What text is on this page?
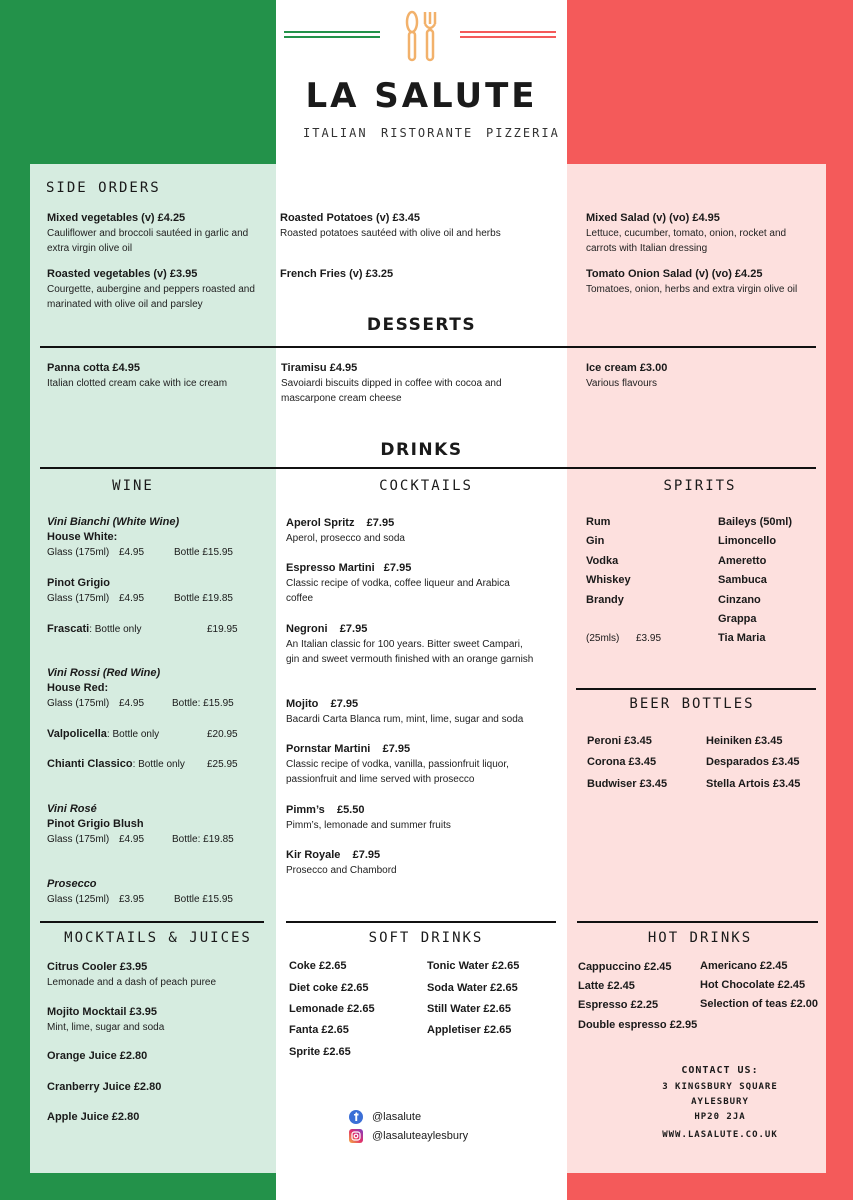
LA SALUTE
ITALIAN RISTORANTE PIZZERIA
SIDE ORDERS
Mixed vegetables (v) £4.25
Cauliflower and broccoli sautéed in garlic and extra virgin olive oil
Roasted vegetables (v) £3.95
Courgette, aubergine and peppers roasted and marinated with olive oil and parsley
Roasted Potatoes (v) £3.45
Roasted potatoes sautéed with olive oil and herbs
French Fries (v) £3.25
Mixed Salad (v) (vo) £4.95
Lettuce, cucumber, tomato, onion, rocket and carrots with Italian dressing
Tomato Onion Salad (v) (vo) £4.25
Tomatoes, onion, herbs and extra virgin olive oil
DESSERTS
Panna cotta £4.95
Italian clotted cream cake with ice cream
Tiramisu £4.95
Savoiardi biscuits dipped in coffee with cocoa and mascarpone cream cheese
Ice cream £3.00
Various flavours
DRINKS
WINE	COCKTAILS	SPIRITS
Vini Bianchi (White Wine)
House White:
Glass (175ml) £4.95	Bottle £15.95
Pinot Grigio
Glass (175ml) £4.95	Bottle £19.85
Frascati: Bottle only	£19.95
Vini Rossi (Red Wine)
House Red:
Glass (175ml) £4.95	Bottle: £15.95
Valpolicella: Bottle only	£20.95
Chianti Classico: Bottle only £25.95
Vini Rosé
Pinot Grigio Blush
Glass (175ml) £4.95	Bottle: £19.85
Prosecco
Glass (125ml) £3.95	Bottle £15.95
Aperol Spritz    £7.95
Aperol, prosecco and soda
Espresso Martini   £7.95
Classic recipe of vodka, coffee liqueur and Arabica coffee
Negroni    £7.95
An Italian classic for 100 years. Bitter sweet Campari, gin and sweet vermouth finished with an orange garnish
Mojito    £7.95
Bacardi Carta Blanca rum, mint, lime, sugar and soda
Pornstar Martini    £7.95
Classic recipe of vodka, vanilla, passionfruit liquor, passionfruit and lime served with prosecco
Pimm’s    £5.50
Pimm’s, lemonade and summer fruits
Kir Royale    £7.95
Prosecco and Chambord
Rum
Gin
Vodka
Whiskey
Brandy
(25mls) £3.95
Baileys (50ml)
Limoncello
Ameretto
Sambuca
Cinzano
Grappa
Tia Maria
BEER BOTTLES
Peroni £3.45
Corona £3.45
Budwiser £3.45
Heiniken £3.45
Desparados £3.45
Stella Artois £3.45
MOCKTAILS & JUICES
Citrus Cooler £3.95
Lemonade and a dash of peach puree
Mojito Mocktail £3.95
Mint, lime, sugar and soda
Orange Juice £2.80
Cranberry Juice £2.80
Apple Juice £2.80
SOFT DRINKS
Coke £2.65
Diet coke £2.65
Lemonade £2.65
Fanta £2.65
Sprite £2.65
Tonic Water £2.65
Soda Water £2.65
Still Water £2.65
Appletiser £2.65
HOT DRINKS
Cappuccino £2.45
Latte £2.45
Espresso £2.25
Double espresso £2.95
Americano £2.45
Hot Chocolate £2.45
Selection of teas £2.00
CONTACT US:
3 KINGSBURY SQUARE
AYLESBURY
HP20 2JA
WWW.LASALUTE.CO.UK
@lasalute
@lasaluteaylesbury
